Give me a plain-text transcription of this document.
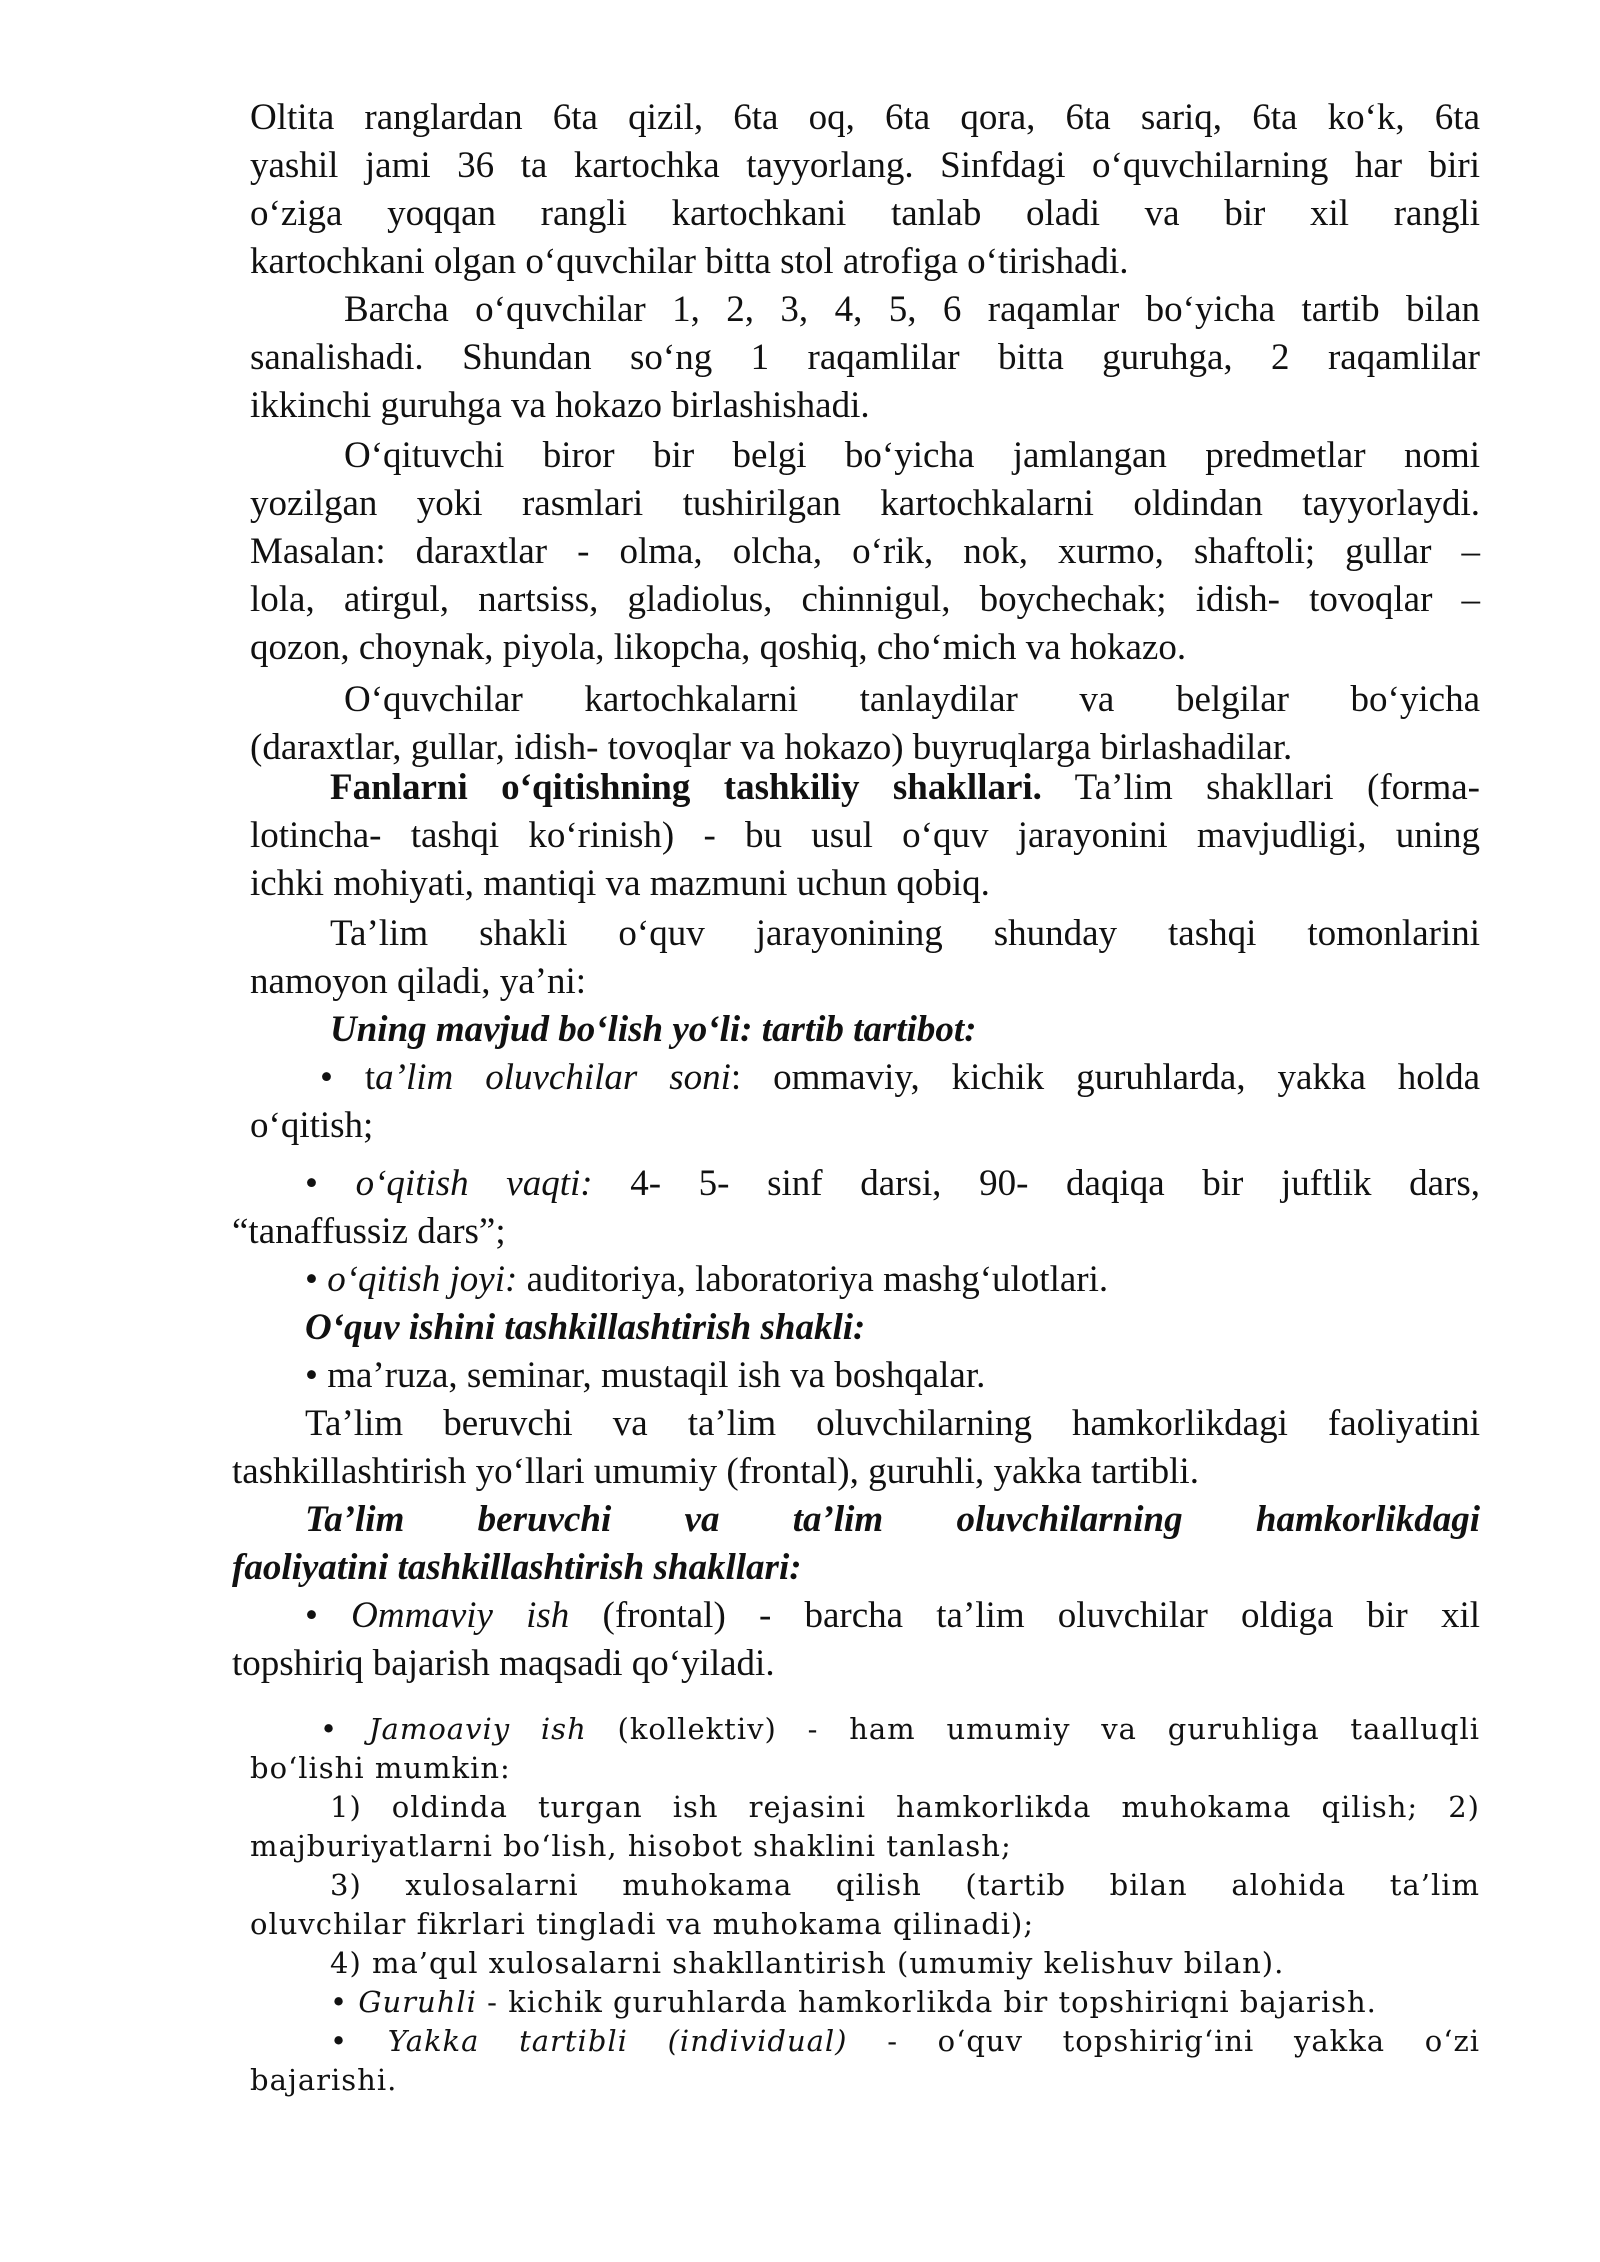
Oltita ranglardan 6ta qizil, 6ta oq, 6ta qora, 6ta sariq, 6ta ko‘k, 6ta
yashil jami 36 ta kartochka tayyorlang. Sinfdagi o‘quvchilarning har biri
o‘ziga yoqqan rangli kartochkani tanlab oladi va bir xil rangli
kartochkani olgan o‘quvchilar bitta stol atrofiga o‘tirishadi.
Barcha o‘quvchilar 1, 2, 3, 4, 5, 6 raqamlar bo‘yicha tartib bilan
sanalishadi. Shundan so‘ng 1 raqamlilar bitta guruhga, 2 raqamlilar
ikkinchi guruhga va hokazo birlashishadi.
O‘qituvchi biror bir belgi bo‘yicha jamlangan predmetlar nomi
yozilgan yoki rasmlari tushirilgan kartochkalarni oldindan tayyorlaydi.
Masalan: daraxtlar - olma, olcha, o‘rik, nok, xurmo, shaftoli; gullar –
lola, atirgul, nartsiss, gladiolus, chinnigul, boychechak; idish- tovoqlar –
qozon, choynak, piyola, likopcha, qoshiq, cho‘mich va hokazo.
O‘quvchilar kartochkalarni tanlaydilar va belgilar bo‘yicha
(daraxtlar, gullar, idish- tovoqlar va hokazo) buyruqlarga birlashadilar.
Fanlarni o‘qitishning tashkiliy shakllari. Ta’lim shakllari (forma-
lotincha- tashqi ko‘rinish) - bu usul o‘quv jarayonini mavjudligi, uning
ichki mohiyati, mantiqi va mazmuni uchun qobiq.
Ta’lim shakli o‘quv jarayonining shunday tashqi tomonlarini
namoyon qiladi, ya’ni:
Uning mavjud bo‘lish yo‘li: tartib tartibot:
• ta’lim oluvchilar soni: ommaviy, kichik guruhlarda, yakka holda
o‘qitish;
• o‘qitish vaqti: 4- 5- sinf darsi, 90- daqiqa bir juftlik dars,
“tanaffussiz dars”;
• o‘qitish joyi: auditoriya, laboratoriya mashg‘ulotlari.
O‘quv ishini tashkillashtirish shakli:
• ma’ruza, seminar, mustaqil ish va boshqalar.
Ta’lim beruvchi va ta’lim oluvchilarning hamkorlikdagi faoliyatini
tashkillashtirish yo‘llari umumiy (frontal), guruhli, yakka tartibli.
Ta’lim beruvchi va ta’lim oluvchilarning hamkorlikdagi
faoliyatini tashkillashtirish shakllari:
• Ommaviy ish (frontal) - barcha ta’lim oluvchilar oldiga bir xil
topshiriq bajarish maqsadi qo‘yiladi.
• Jamoaviy ish (kollektiv) - ham umumiy va guruhliga taalluqli
bo‘lishi mumkin:
1) oldinda turgan ish rejasini hamkorlikda muhokama qilish; 2)
majburiyatlarni bo‘lish, hisobot shaklini tanlash;
3) xulosalarni muhokama qilish (tartib bilan alohida ta’lim
oluvchilar fikrlari tingladi va muhokama qilinadi);
4) ma’qul xulosalarni shakllantirish (umumiy kelishuv bilan).
• Guruhli - kichik guruhlarda hamkorlikda bir topshiriqni bajarish.
• Yakka tartibli (individual) - o‘quv topshirig‘ini yakka o‘zi
bajarishi.
